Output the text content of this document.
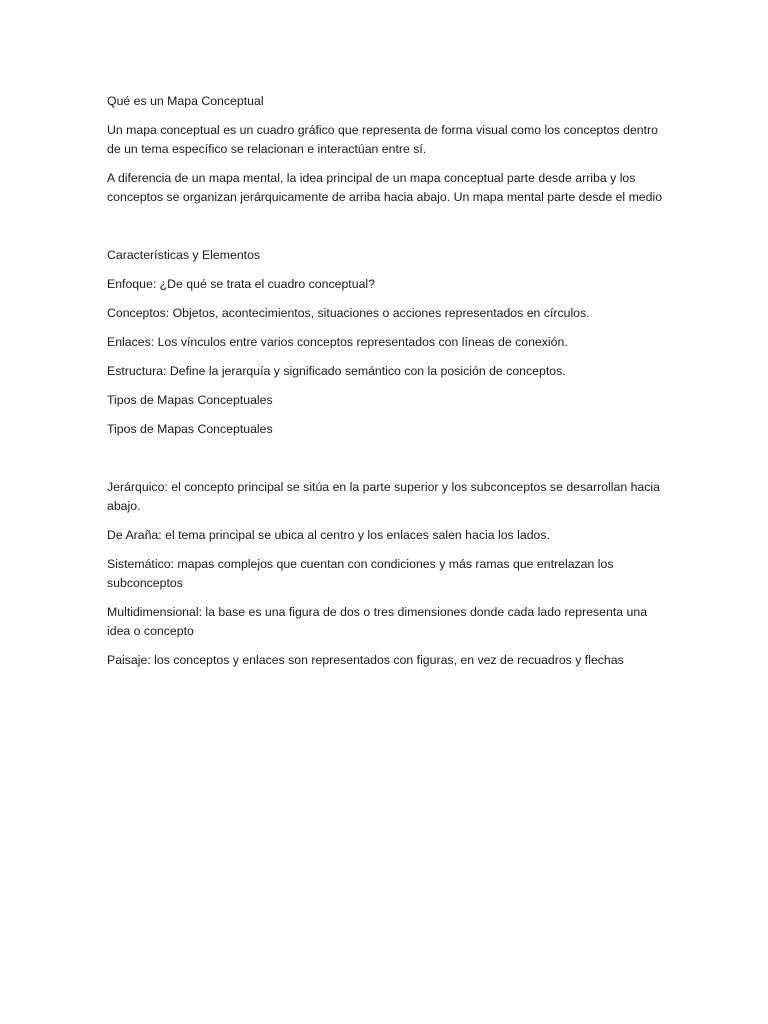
Qué es un Mapa Conceptual

Un mapa conceptual es un cuadro gráfico que representa de forma visual como los conceptos dentro de un tema específico se relacionan e interactúan entre sí.

A diferencia de un mapa mental, la idea principal de un mapa conceptual parte desde arriba y los conceptos se organizan jerárquicamente de arriba hacia abajo. Un mapa mental parte desde el medio

Características y Elementos

Enfoque: ¿De qué se trata el cuadro conceptual?

Conceptos: Objetos, acontecimientos, situaciones o acciones representados en círculos.

Enlaces: Los vínculos entre varios conceptos representados con líneas de conexión.

Estructura: Define la jerarquía y significado semántico con la posición de conceptos.

Tipos de Mapas Conceptuales

Tipos de Mapas Conceptuales

Jerárquico: el concepto principal se sitúa en la parte superior y los subconceptos se desarrollan hacia abajo.

De Araña: el tema principal se ubica al centro y los enlaces salen hacia los lados.

Sistemático: mapas complejos que cuentan con condiciones y más ramas que entrelazan los subconceptos

Multidimensional: la base es una figura de dos o tres dimensiones donde cada lado representa una idea o concepto

Paisaje: los conceptos y enlaces son representados con figuras, en vez de recuadros y flechas
